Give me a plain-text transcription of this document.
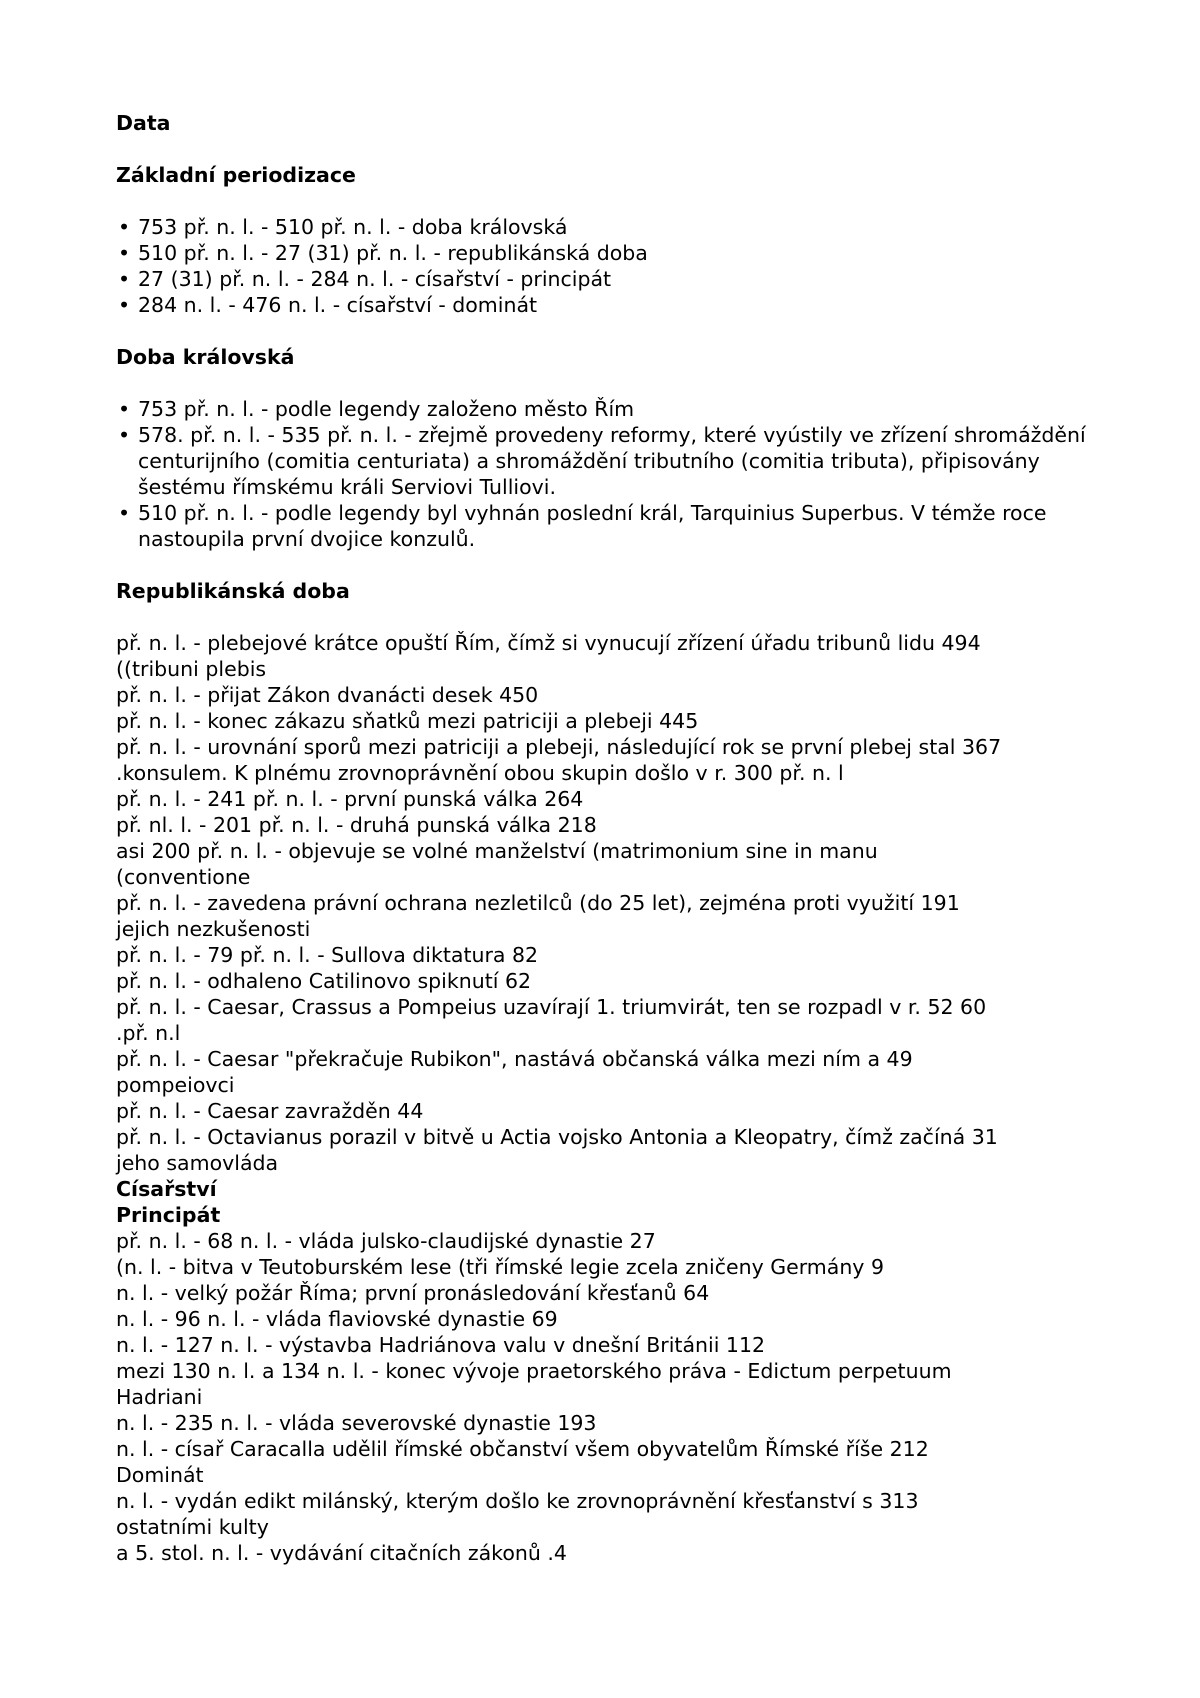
Data
Základní periodizace
• 753 př. n. l. - 510 př. n. l. - doba královská
• 510 př. n. l. - 27 (31) př. n. l. - republikánská doba
• 27 (31) př. n. l. - 284 n. l. - císařství - principát
• 284 n. l. - 476 n. l. - císařství - dominát
Doba královská
• 753 př. n. l. - podle legendy založeno město Řím
• 578. př. n. l. - 535 př. n. l. - zřejmě provedeny reformy, které vyústily ve zřízení shromáždění centurijního (comitia centuriata) a shromáždění tributního (comitia tributa), připisovány šestému římskému králi Serviovi Tulliovi.
• 510 př. n. l. - podle legendy byl vyhnán poslední král, Tarquinius Superbus. V témže roce nastoupila první dvojice konzulů.
Republikánská doba
př. n. l. - plebejové krátce opuští Řím, čímž si vynucují zřízení úřadu tribunů lidu 494
((tribuni plebis
př. n. l. - přijat Zákon dvanácti desek 450
př. n. l. - konec zákazu sňatků mezi patriciji a plebeji 445
př. n. l. - urovnání sporů mezi patriciji a plebeji, následující rok se první plebej stal 367
.konsulem. K plnému zrovnoprávnění obou skupin došlo v r. 300 př. n. l
př. n. l. - 241 př. n. l. - první punská válka 264
př. nl. l. - 201 př. n. l. - druhá punská válka 218
asi 200 př. n. l. - objevuje se volné manželství (matrimonium sine in manu
(conventione
př. n. l. - zavedena právní ochrana nezletilců (do 25 let), zejména proti využití 191
jejich nezkušenosti
př. n. l. - 79 př. n. l. - Sullova diktatura 82
př. n. l. - odhaleno Catilinovo spiknutí 62
př. n. l. - Caesar, Crassus a Pompeius uzavírají 1. triumvirát, ten se rozpadl v r. 52 60
.př. n.l
př. n. l. - Caesar "překračuje Rubikon", nastává občanská válka mezi ním a 49
pompeiovci
př. n. l. - Caesar zavražděn 44
př. n. l. - Octavianus porazil v bitvě u Actia vojsko Antonia a Kleopatry, čímž začíná 31
jeho samovláda
Císařství
Principát
př. n. l. - 68 n. l. - vláda julsko-claudijské dynastie 27
(n. l. - bitva v Teutoburském lese (tři římské legie zcela zničeny Germány 9
n. l. - velký požár Říma; první pronásledování křesťanů 64
n. l. - 96 n. l. - vláda flaviovské dynastie 69
n. l. - 127 n. l. - výstavba Hadriánova valu v dnešní Británii 112
mezi 130 n. l. a 134 n. l. - konec vývoje praetorského práva - Edictum perpetuum
Hadriani
n. l. - 235 n. l. - vláda severovské dynastie 193
n. l. - císař Caracalla udělil římské občanství všem obyvatelům Římské říše 212
Dominát
n. l. - vydán edikt milánský, kterým došlo ke zrovnoprávnění křesťanství s 313
ostatními kulty
a 5. stol. n. l. - vydávání citačních zákonů .4
